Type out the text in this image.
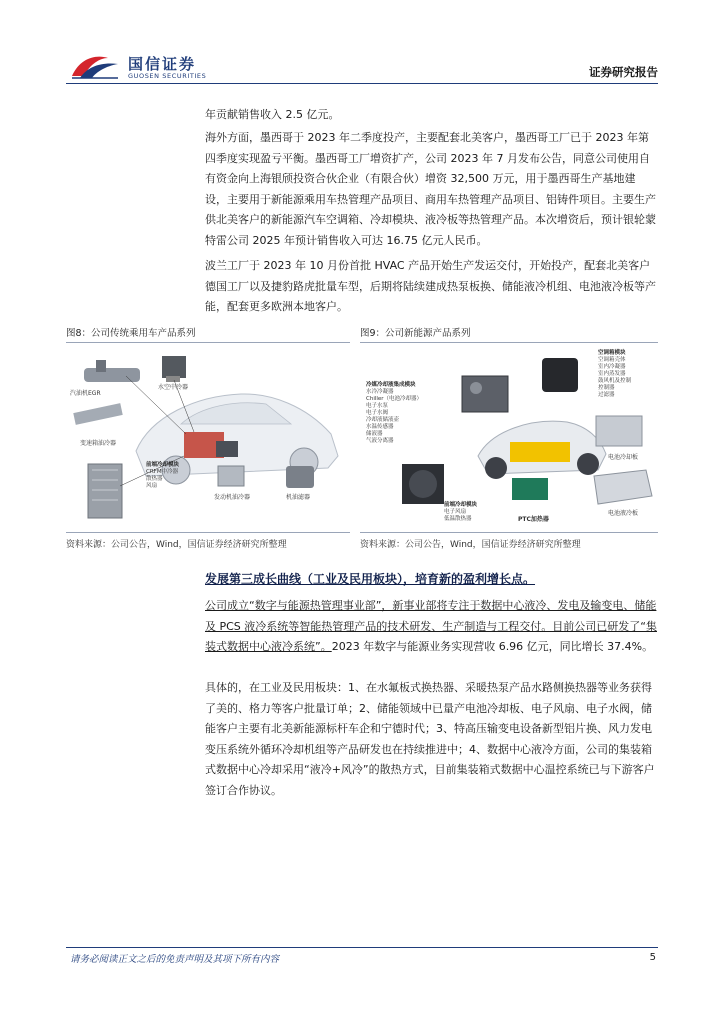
国信证券
GUOSEN SECURITIES	证券研究报告
年贡献销售收入 2.5 亿元。
海外方面，墨西哥于 2023 年二季度投产，主要配套北美客户，墨西哥工厂已于 2023 年第四季度实现盈亏平衡。墨西哥工厂增资扩产，公司 2023 年 7 月发布公告，同意公司使用自有资金向上海银颀投资合伙企业（有限合伙）增资 32,500 万元，用于墨西哥生产基地建设，主要用于新能源乘用车热管理产品项目、商用车热管理产品项目、铝铸件项目。主要生产供北美客户的新能源汽车空调箱、冷却模块、液冷板等热管理产品。本次增资后，预计银轮蒙特雷公司 2025 年预计销售收入可达 16.75 亿元人民币。
波兰工厂于 2023 年 10 月份首批 HVAC 产品开始生产发运交付，开始投产，配套北美客户德国工厂以及捷豹路虎批量车型，后期将陆续建成热泵板换、储能液冷机组、电池液冷板等产能，配套更多欧洲本地客户。
图8：公司传统乘用车产品系列	图9：公司新能源产品系列
汽油机EGR
水空中冷器
变速箱油冷器
前端冷却模块
CRFM中冷器
散热器
风扇
发动机油冷器	机油滤器
冷媒冷却液集成模块
水冷冷凝器
Chiller（电池冷却器）
电子水泵
电子水阀
冷却液储液壶
水温传感器
储液器
气液分离器
空调箱模块
空调箱壳体
室内冷凝器
室内蒸发器
鼓风机及控制
控制器
过滤器
电池冷却板
电池液冷板
前端冷却模块
电子风扇
低温散热器	PTC加热器
资料来源：公司公告，Wind，国信证券经济研究所整理	资料来源：公司公告，Wind，国信证券经济研究所整理
发展第三成长曲线（工业及民用板块），培育新的盈利增长点。
公司成立“数字与能源热管理事业部”，新事业部将专注于数据中心液冷、发电及输变电、储能及 PCS 液冷系统等智能热管理产品的技术研发、生产制造与工程交付。目前公司已研发了“集装式数据中心液冷系统”。2023 年数字与能源业务实现营收 6.96 亿元，同比增长 37.4%。
具体的，在工业及民用板块：1、在水氟板式换热器、采暖热泵产品水路侧换热器等业务获得了美的、格力等客户批量订单；2、储能领域中已量产电池冷却板、电子风扇、电子水阀，储能客户主要有北美新能源标杆车企和宁德时代；3、特高压输变电设备新型铝片换、风力发电变压系统外循环冷却机组等产品研发也在持续推进中；4、数据中心液冷方面，公司的集装箱式数据中心冷却采用“液冷+风冷”的散热方式，目前集装箱式数据中心温控系统已与下游客户签订合作协议。
请务必阅读正文之后的免责声明及其项下所有内容	5
